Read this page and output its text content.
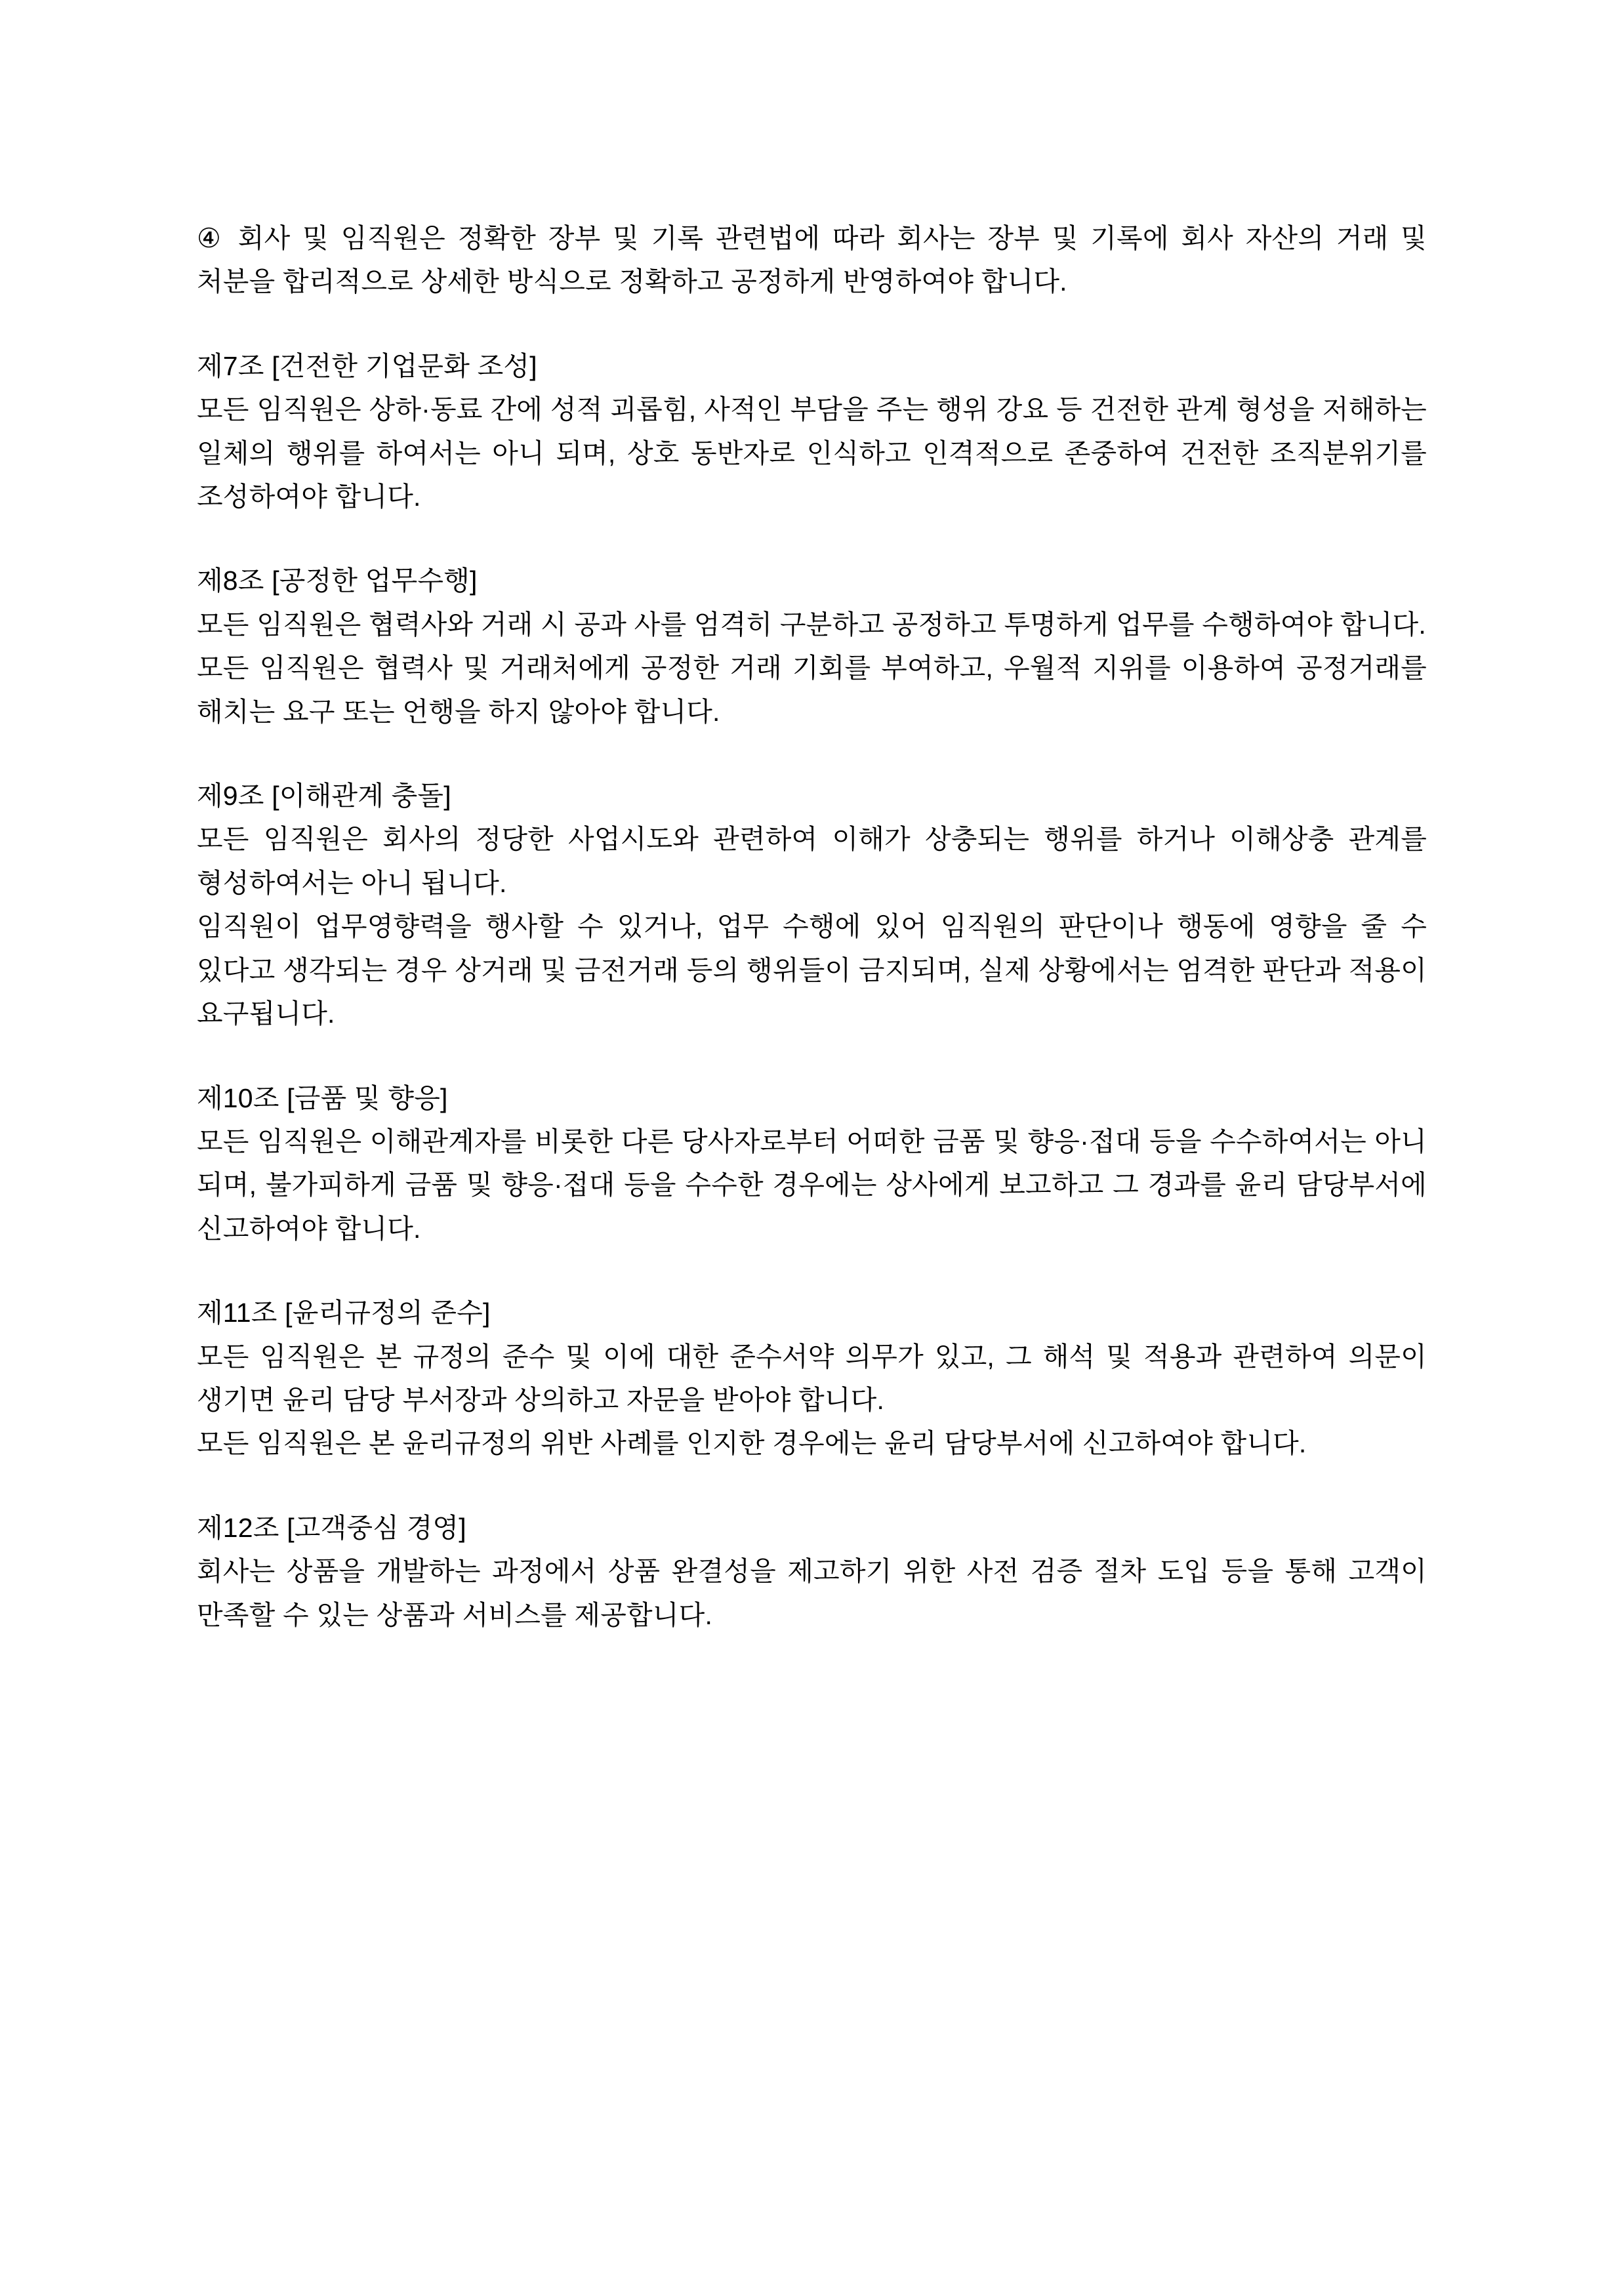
④ 회사 및 임직원은 정확한 장부 및 기록 관련법에 따라 회사는 장부 및 기록에 회사 자산의 거래 및 처분을 합리적으로 상세한 방식으로 정확하고 공정하게 반영하여야 합니다.

제7조 [건전한 기업문화 조성]

모든 임직원은 상하·동료 간에 성적 괴롭힘, 사적인 부담을 주는 행위 강요 등 건전한 관계 형성을 저해하는 일체의 행위를 하여서는 아니 되며, 상호 동반자로 인식하고 인격적으로 존중하여 건전한 조직분위기를 조성하여야 합니다.

제8조 [공정한 업무수행]

모든 임직원은 협력사와 거래 시 공과 사를 엄격히 구분하고 공정하고 투명하게 업무를 수행하여야 합니다.

모든 임직원은 협력사 및 거래처에게 공정한 거래 기회를 부여하고, 우월적 지위를 이용하여 공정거래를 해치는 요구 또는 언행을 하지 않아야 합니다.

제9조 [이해관계 충돌]

모든 임직원은 회사의 정당한 사업시도와 관련하여 이해가 상충되는 행위를 하거나 이해상충 관계를 형성하여서는 아니 됩니다.

임직원이 업무영향력을 행사할 수 있거나, 업무 수행에 있어 임직원의 판단이나 행동에 영향을 줄 수 있다고 생각되는 경우 상거래 및 금전거래 등의 행위들이 금지되며, 실제 상황에서는 엄격한 판단과 적용이 요구됩니다.

제10조 [금품 및 향응]

모든 임직원은 이해관계자를 비롯한 다른 당사자로부터 어떠한 금품 및 향응·접대 등을 수수하여서는 아니 되며, 불가피하게 금품 및 향응·접대 등을 수수한 경우에는 상사에게 보고하고 그 경과를 윤리 담당부서에 신고하여야 합니다.

제11조 [윤리규정의 준수]

모든 임직원은 본 규정의 준수 및 이에 대한 준수서약 의무가 있고, 그 해석 및 적용과 관련하여 의문이 생기면 윤리 담당 부서장과 상의하고 자문을 받아야 합니다.

모든 임직원은 본 윤리규정의 위반 사례를 인지한 경우에는 윤리 담당부서에 신고하여야 합니다.

제12조 [고객중심 경영]

회사는 상품을 개발하는 과정에서 상품 완결성을 제고하기 위한 사전 검증 절차 도입 등을 통해 고객이 만족할 수 있는 상품과 서비스를 제공합니다.
